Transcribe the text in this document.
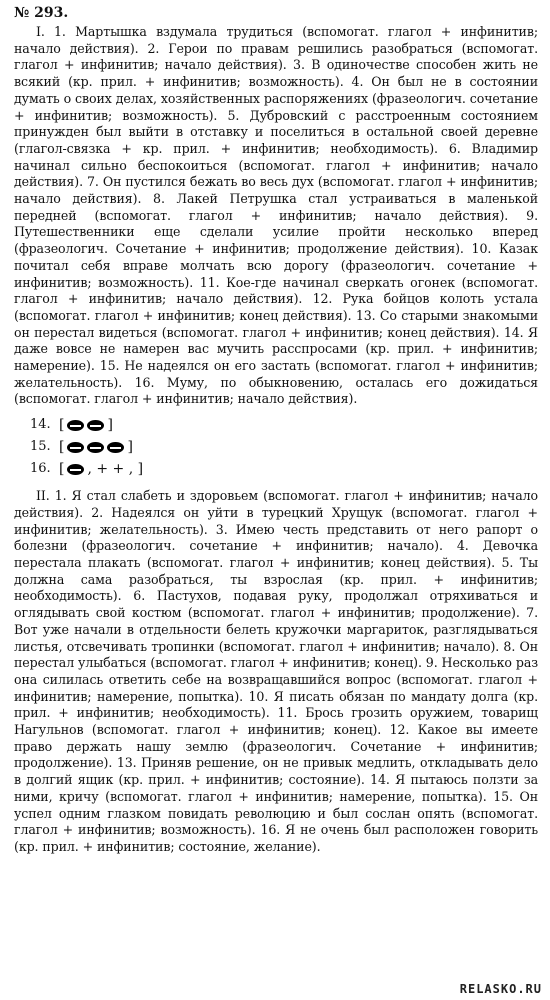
№ 293.

I. 1. Мартышка вздумала трудиться (вспомогат. глагол + инфинитив; начало действия). 2. Герои по правам решились разобраться (вспомогат. глагол + инфинитив; начало действия). 3. В одиночестве способен жить не всякий (кр. прил. + инфинитив; возможность). 4. Он был не в состоянии думать о своих делах, хозяйственных распоряжениях (фразеологич. сочетание + инфинитив; возможность). 5. Дубровский с расстроенным состоянием принужден был выйти в отставку и поселиться в остальной своей деревне (глагол-связка + кр. прил. + инфинитив; необходимость). 6. Владимир начинал сильно беспокоиться (вспомогат. глагол + инфинитив; начало действия). 7. Он пустился бежать во весь дух (вспомогат. глагол + инфинитив; начало действия). 8. Лакей Петрушка стал устраиваться в маленькой передней (вспомогат. глагол + инфинитив; начало действия). 9. Путешественники еще сделали усилие пройти несколько вперед (фразеологич. Сочетание + инфинитив; продолжение действия). 10. Казак почитал себя вправе молчать всю дорогу (фразеологич. сочетание + инфинитив; возможность). 11. Кое-где начинал сверкать огонек (вспомогат. глагол + инфинитив; начало действия). 12. Рука бойцов колоть устала (вспомогат. глагол + инфинитив; конец действия). 13. Со старыми знакомыми он перестал видеться (вспомогат. глагол + инфинитив; конец действия). 14. Я даже вовсе не намерен вас мучить расспросами (кр. прил. + инфинитив; намерение). 15. Не надеялся он его застать (вспомогат. глагол + инфинитив; желательность). 16. Муму, по обыкновению, осталась его дожидаться (вспомогат. глагол + инфинитив; начало действия).

14. [	]
15. [	]
16. [ , + + , ]

II. 1. Я стал слабеть и здоровьем (вспомогат. глагол + инфинитив; начало действия). 2. Надеялся он уйти в турецкий Хрущук (вспомогат. глагол + инфинитив; желательность). 3. Имею честь представить от него рапорт о болезни (фразеологич. сочетание + инфинитив; начало). 4. Девочка перестала плакать (вспомогат. глагол + инфинитив; конец действия). 5. Ты должна сама разобраться, ты взрослая (кр. прил. + инфинитив; необходимость). 6. Пастухов, подавая руку, продолжал отряхиваться и оглядывать свой костюм (вспомогат. глагол + инфинитив; продолжение). 7. Вот уже начали в отдельности белеть кружочки маргариток, разглядываться листья, отсвечивать тропинки (вспомогат. глагол + инфинитив; начало). 8. Он перестал улыбаться (вспомогат. глагол + инфинитив; конец). 9. Несколько раз она силилась ответить себе на возвращавшийся вопрос (вспомогат. глагол + инфинитив; намерение, попытка). 10. Я писать обязан по мандату долга (кр. прил. + инфинитив; необходимость). 11. Брось грозить оружием, товарищ Нагульнов (вспомогат. глагол + инфинитив; конец). 12. Какое вы имеете право держать нашу землю (фразеологич. Сочетание + инфинитив; продолжение). 13. Приняв решение, он не привык медлить, откладывать дело в долгий ящик (кр. прил. + инфинитив; состояние). 14. Я пытаюсь ползти за ними, кричу (вспомогат. глагол + инфинитив; намерение, попытка). 15. Он успел одним глазком повидать революцию и был сослан опять (вспомогат. глагол + инфинитив; возможность). 16. Я не очень был расположен говорить (кр. прил. + инфинитив; состояние, желание).

RELASKO.RU
